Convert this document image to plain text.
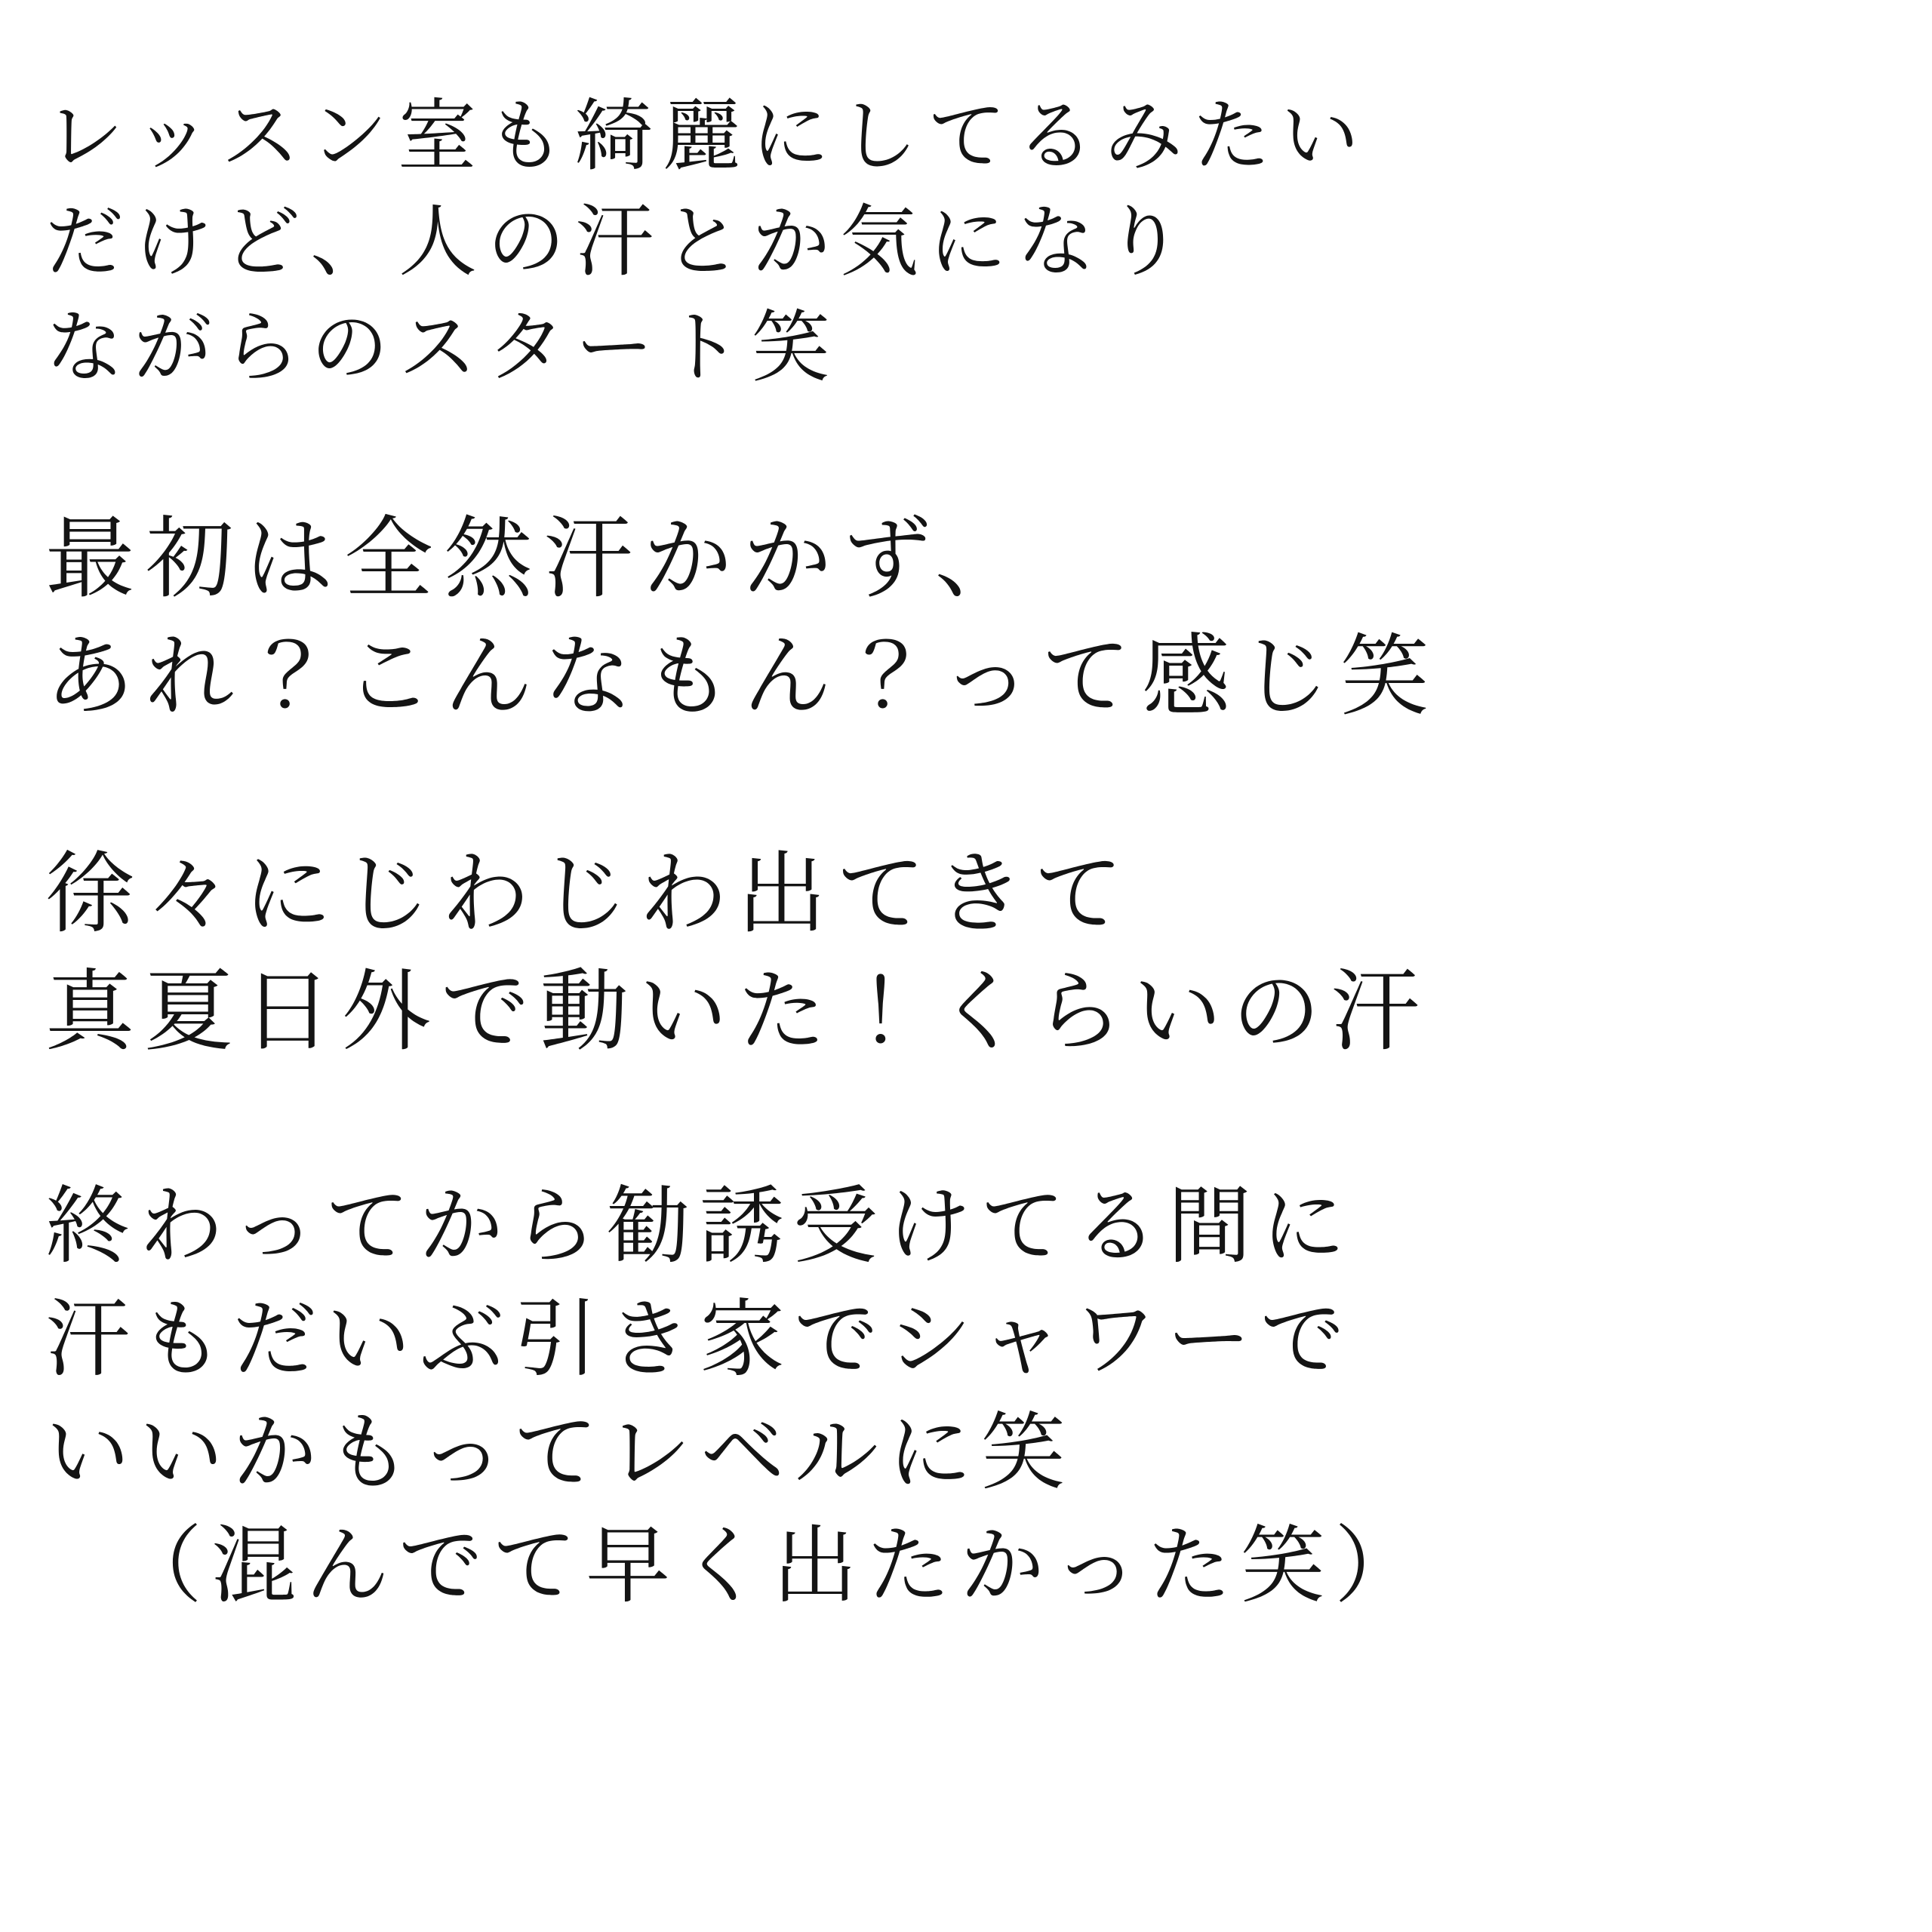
レッスン室も綺麗にしてるみたい
だけど、人の汗とか気になり
ながらのスタート笑
最初は全然汗かかず、
あれ？こんなもん？って感じ笑
徐々にじわじわ出てきて
真夏日外で動いた！くらいの汗
終わってから勧誘受けてる間に
汗もだいぶ引き家でシャワーで
いいかもってレベルに笑
（混んでて早く出たかった笑）
